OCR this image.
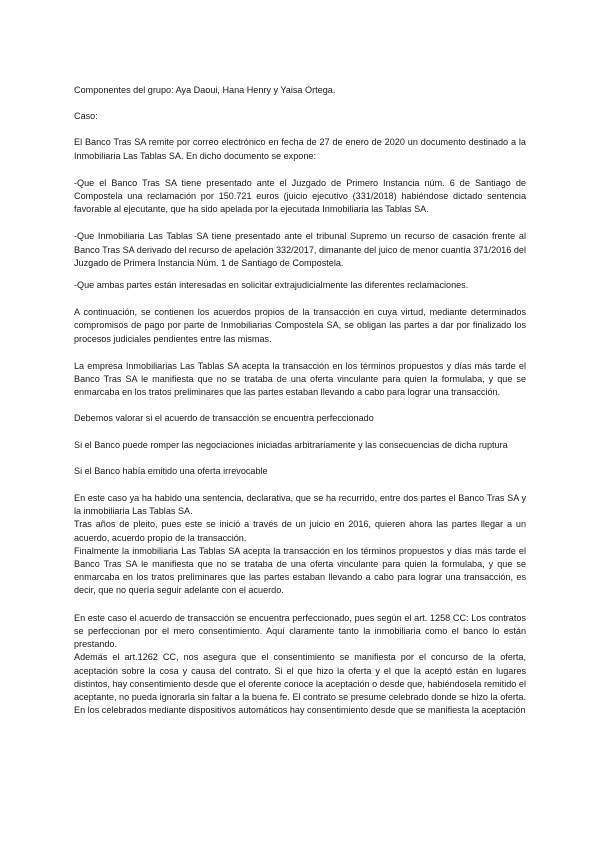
Componentes del grupo: Aya Daoui, Hana Henry y Yaisa Ortega.

Caso:

El Banco Tras SA remite por correo electrónico en fecha de 27 de enero de 2020 un documento destinado a la Inmobiliaria Las Tablas SA. En dicho documento se expone:

-Que el Banco Tras SA tiene presentado ante el Juzgado de Primero Instancia núm. 6 de Santiago de Compostela una reclamación por 150.721 euros (juicio ejecutivo (331/2018) habiéndose dictado sentencia favorable al ejecutante, que ha sido apelada por la ejecutada Inmobiliaria las Tablas SA.

-Que Inmobiliaria Las Tablas SA tiene presentado ante el tribunal Supremo un recurso de casación frente al Banco Tras SA derivado del recurso de apelación 332/2017, dimanante del juico de menor cuantía 371/2016 del Juzgado de Primera Instancia Núm. 1 de Santiago de Compostela.

-Que ambas partes están interesadas en solicitar extrajudicialmente las diferentes reclamaciones.

A continuación, se contienen los acuerdos propios de la transacción en cuya virtud, mediante determinados compromisos de pago por parte de Inmobiliarias Compostela SA, se obligan las partes a dar por finalizado los procesos judiciales pendientes entre las mismas.

La empresa Inmobiliarias Las Tablas SA acepta la transacción en los términos propuestos y días más tarde el Banco Tras SA le manifiesta que no se trataba de una oferta vinculante para quien la formulaba, y que se enmarcaba en los tratos preliminares que las partes estaban llevando a cabo para lograr una transacción.

Debemos valorar si el acuerdo de transacción se encuentra perfeccionado

Si el Banco puede romper las negociaciones iniciadas arbitrariamente y las consecuencias de dicha ruptura

Si el Banco había emitido una oferta irrevocable

En este caso ya ha habido una sentencia, declarativa, que se ha recurrido, entre dos partes el Banco Tras SA y la inmobiliaria Las Tablas SA.

Tras años de pleito, pues este se inició a través de un juicio en 2016, quieren ahora las partes llegar a un acuerdo, acuerdo propio de la transacción.

Finalmente la inmobiliaria Las Tablas SA acepta la transacción en los términos propuestos y días más tarde el Banco Tras SA le manifiesta que no se trataba de una oferta vinculante para quien la formulaba, y que se enmarcaba en los tratos preliminares que las partes estaban llevando a cabo para lograr una transacción, es decir, que no quería seguir adelante con el acuerdo.

En este caso el acuerdo de transacción se encuentra perfeccionado, pues según el art. 1258 CC: Los contratos se perfeccionan por el mero consentimiento. Aquí claramente tanto la inmobiliaria como el banco lo están prestando.

Además el art.1262 CC, nos asegura que el consentimiento se manifiesta por el concurso de la oferta, aceptación sobre la cosa y causa del contrato. Si el que hizo la oferta y el que la aceptó están en lugares distintos, hay consentimiento desde que el oferente conoce la aceptación o desde que, habiéndosela remitido el aceptante, no pueda ignorarla sin faltar a la buena fe. El contrato se presume celebrado donde se hizo la oferta. En los celebrados mediante dispositivos automáticos hay consentimiento desde que se manifiesta la aceptación
